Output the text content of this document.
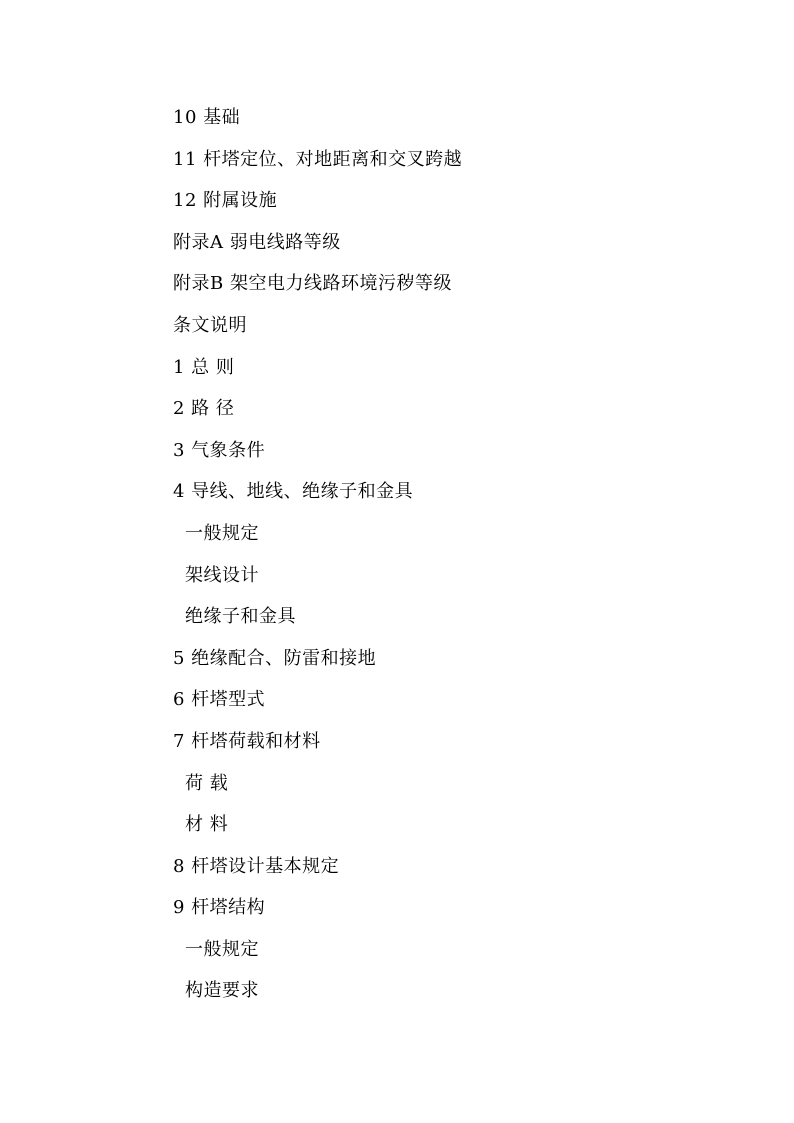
10 基础
11 杆塔定位、对地距离和交叉跨越
12 附属设施
附录A 弱电线路等级
附录B 架空电力线路环境污秽等级
条文说明
1 总 则
2 路 径
3 气象条件
4 导线、地线、绝缘子和金具
一般规定
架线设计
绝缘子和金具
5 绝缘配合、防雷和接地
6 杆塔型式
7 杆塔荷载和材料
荷 载
材 料
8 杆塔设计基本规定
9 杆塔结构
一般规定
构造要求
